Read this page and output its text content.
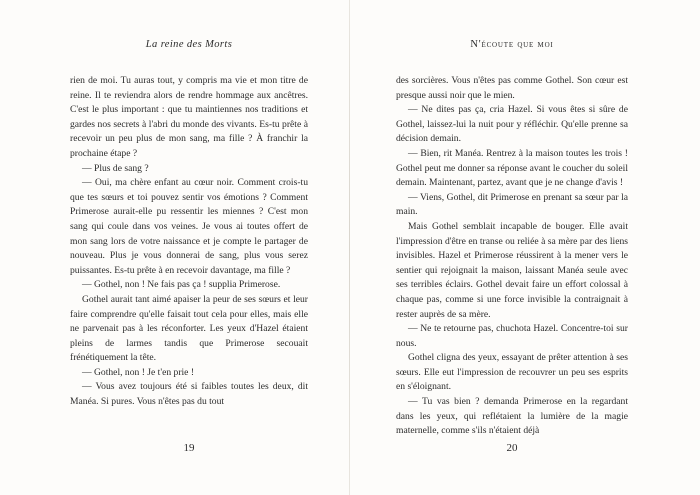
La reine des Morts

rien de moi. Tu auras tout, y compris ma vie et mon titre de reine. Il te reviendra alors de rendre hommage aux ancêtres. C'est le plus important : que tu maintiennes nos traditions et gardes nos secrets à l'abri du monde des vivants. Es-tu prête à recevoir un peu plus de mon sang, ma fille ? À franchir la prochaine étape ?

— Plus de sang ?

— Oui, ma chère enfant au cœur noir. Comment crois-tu que tes sœurs et toi pouvez sentir vos émotions ? Comment Primerose aurait-elle pu ressentir les miennes ? C'est mon sang qui coule dans vos veines. Je vous ai toutes offert de mon sang lors de votre naissance et je compte le partager de nouveau. Plus je vous donnerai de sang, plus vous serez puissantes. Es-tu prête à en recevoir davantage, ma fille ?

— Gothel, non ! Ne fais pas ça ! supplia Primerose.

Gothel aurait tant aimé apaiser la peur de ses sœurs et leur faire comprendre qu'elle faisait tout cela pour elles, mais elle ne parvenait pas à les réconforter. Les yeux d'Hazel étaient pleins de larmes tandis que Primerose secouait frénétiquement la tête.

— Gothel, non ! Je t'en prie !

— Vous avez toujours été si faibles toutes les deux, dit Manéa. Si pures. Vous n'êtes pas du tout

19
N'écoute que moi

des sorcières. Vous n'êtes pas comme Gothel. Son cœur est presque aussi noir que le mien.

— Ne dites pas ça, cria Hazel. Si vous êtes si sûre de Gothel, laissez-lui la nuit pour y réfléchir. Qu'elle prenne sa décision demain.

— Bien, rit Manéa. Rentrez à la maison toutes les trois ! Gothel peut me donner sa réponse avant le coucher du soleil demain. Maintenant, partez, avant que je ne change d'avis !

— Viens, Gothel, dit Primerose en prenant sa sœur par la main.

Mais Gothel semblait incapable de bouger. Elle avait l'impression d'être en transe ou reliée à sa mère par des liens invisibles. Hazel et Primerose réussirent à la mener vers le sentier qui rejoignait la maison, laissant Manéa seule avec ses terribles éclairs. Gothel devait faire un effort colossal à chaque pas, comme si une force invisible la contraignait à rester auprès de sa mère.

— Ne te retourne pas, chuchota Hazel. Concentre-toi sur nous.

Gothel cligna des yeux, essayant de prêter attention à ses sœurs. Elle eut l'impression de recouvrer un peu ses esprits en s'éloignant.

— Tu vas bien ? demanda Primerose en la regardant dans les yeux, qui reflétaient la lumière de la magie maternelle, comme s'ils n'étaient déjà

20
